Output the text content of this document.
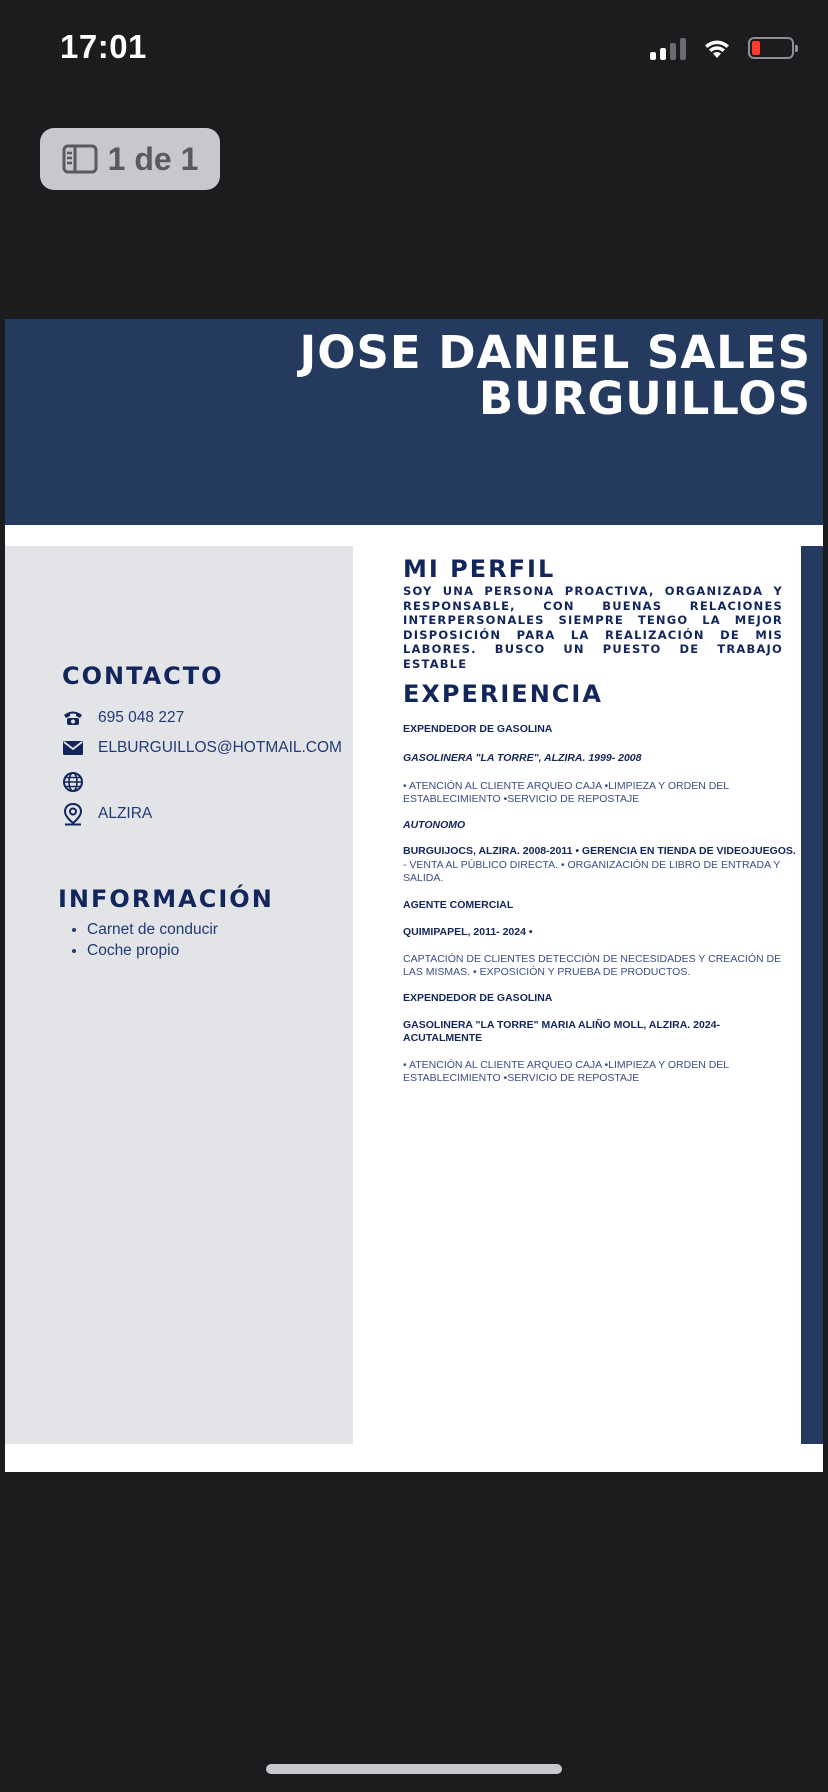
17:01
1 de 1
JOSE DANIEL SALES
BURGUILLOS
CONTACTO
695 048 227
ELBURGUILLOS@HOTMAIL.COM
ALZIRA
INFORMACIÓN
• Carnet de conducir
• Coche propio
MI PERFIL
SOY UNA PERSONA PROACTIVA, ORGANIZADA Y RESPONSABLE, CON BUENAS RELACIONES INTERPERSONALES SIEMPRE TENGO LA MEJOR DISPOSICIÓN PARA LA REALIZACIÓN DE MIS LABORES. BUSCO UN PUESTO DE TRABAJO ESTABLE
EXPERIENCIA
EXPENDEDOR DE GASOLINA
GASOLINERA "LA TORRE", ALZIRA. 1999- 2008
• ATENCIÓN AL CLIENTE ARQUEO CAJA •LIMPIEZA Y ORDEN DEL ESTABLECIMIENTO •SERVICIO DE REPOSTAJE
AUTONOMO
BURGUIJOCS, ALZIRA. 2008-2011 • GERENCIA EN TIENDA DE VIDEOJUEGOS.
- VENTA AL PÚBLICO DIRECTA. • ORGANIZACIÓN DE LIBRO DE ENTRADA Y SALIDA.
AGENTE COMERCIAL
QUIMIPAPEL, 2011- 2024 •
CAPTACIÓN DE CLIENTES DETECCIÓN DE NECESIDADES Y CREACIÓN DE LAS MISMAS. • EXPOSICIÓN Y PRUEBA DE PRODUCTOS.
EXPENDEDOR DE GASOLINA
GASOLINERA "LA TORRE" MARIA ALIÑO MOLL, ALZIRA. 2024- ACUTALMENTE
• ATENCIÓN AL CLIENTE ARQUEO CAJA •LIMPIEZA Y ORDEN DEL ESTABLECIMIENTO •SERVICIO DE REPOSTAJE
